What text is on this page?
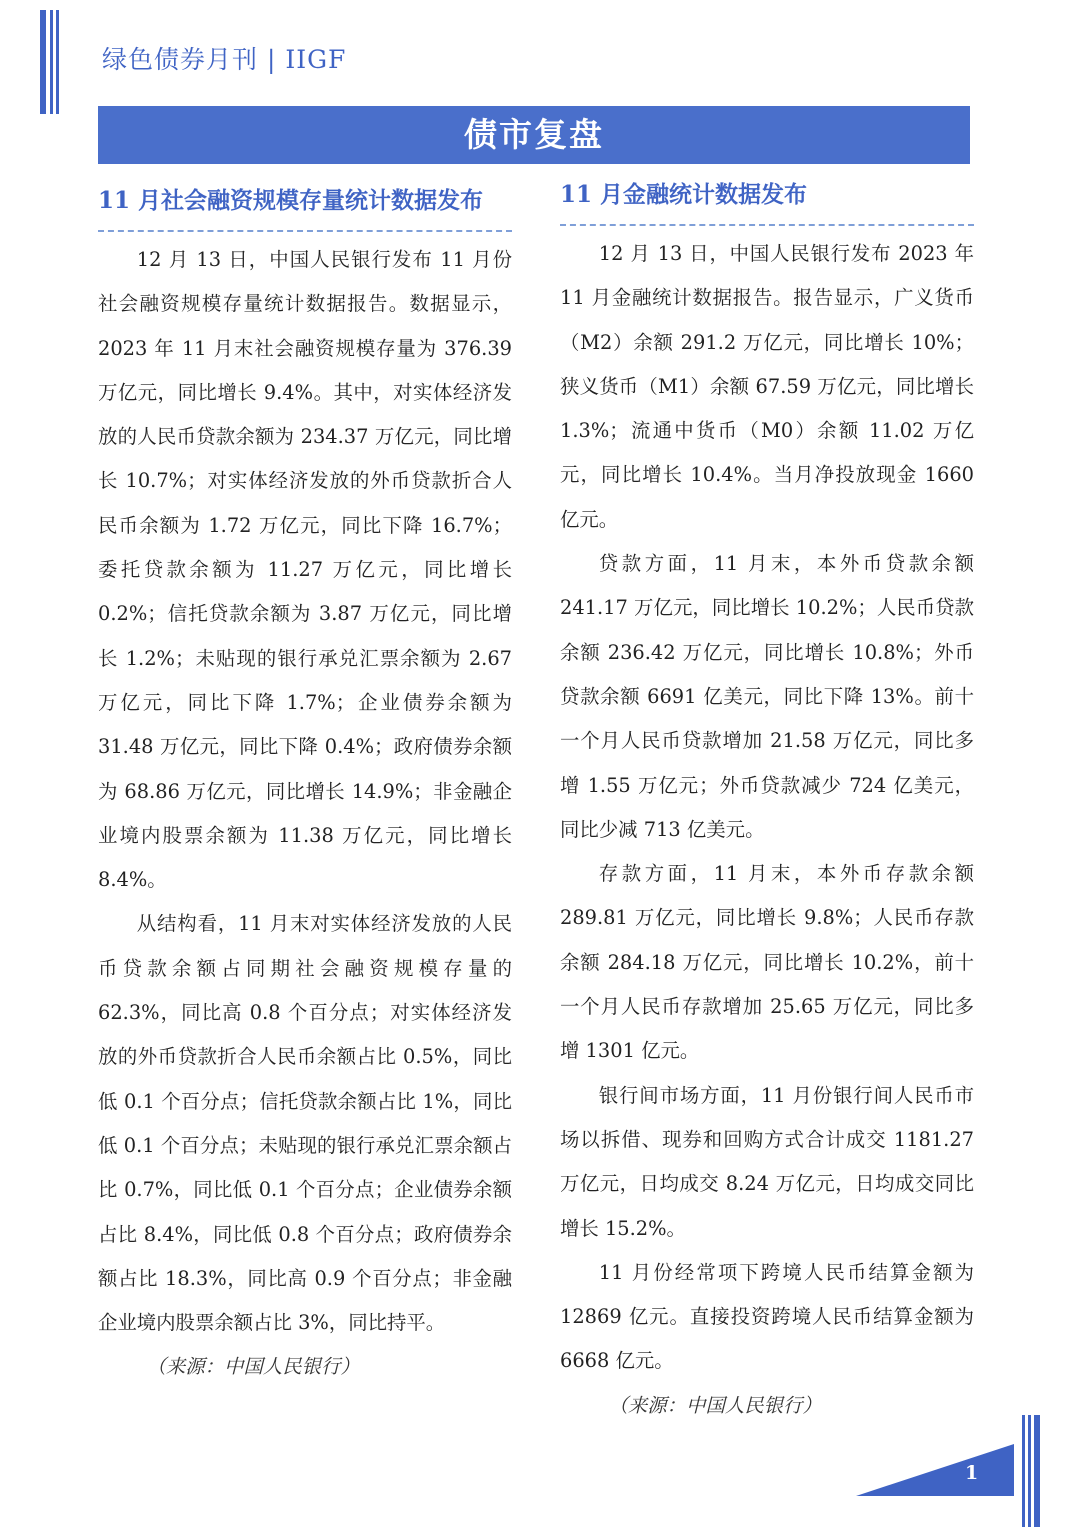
绿色债券月刊 | IIGF
债市复盘
11 月社会融资规模存量统计数据发布

12 月 13 日，中国人民银行发布 11 月份社会融资规模存量统计数据报告。数据显示，2023 年 11 月末社会融资规模存量为 376.39 万亿元，同比增长 9.4%。其中，对实体经济发放的人民币贷款余额为 234.37 万亿元，同比增长 10.7%；对实体经济发放的外币贷款折合人民币余额为 1.72 万亿元，同比下降 16.7%；委托贷款余额为 11.27 万亿元，同比增长 0.2%；信托贷款余额为 3.87 万亿元，同比增长 1.2%；未贴现的银行承兑汇票余额为 2.67 万亿元，同比下降 1.7%；企业债券余额为 31.48 万亿元，同比下降 0.4%；政府债券余额为 68.86 万亿元，同比增长 14.9%；非金融企业境内股票余额为 11.38 万亿元，同比增长 8.4%。

从结构看，11 月末对实体经济发放的人民币贷款余额占同期社会融资规模存量的 62.3%，同比高 0.8 个百分点；对实体经济发放的外币贷款折合人民币余额占比 0.5%，同比低 0.1 个百分点；信托贷款余额占比 1%，同比低 0.1 个百分点；未贴现的银行承兑汇票余额占比 0.7%，同比低 0.1 个百分点；企业债券余额占比 8.4%，同比低 0.8 个百分点；政府债券余额占比 18.3%，同比高 0.9 个百分点；非金融企业境内股票余额占比 3%，同比持平。

（来源：中国人民银行）

11 月金融统计数据发布

12 月 13 日，中国人民银行发布 2023 年 11 月金融统计数据报告。报告显示，广义货币（M2）余额 291.2 万亿元，同比增长 10%；狭义货币（M1）余额 67.59 万亿元，同比增长 1.3%；流通中货币（M0）余额 11.02 万亿元，同比增长 10.4%。当月净投放现金 1660 亿元。

贷款方面，11 月末，本外币贷款余额 241.17 万亿元，同比增长 10.2%；人民币贷款余额 236.42 万亿元，同比增长 10.8%；外币贷款余额 6691 亿美元，同比下降 13%。前十一个月人民币贷款增加 21.58 万亿元，同比多增 1.55 万亿元；外币贷款减少 724 亿美元，同比少减 713 亿美元。

存款方面，11 月末，本外币存款余额 289.81 万亿元，同比增长 9.8%；人民币存款余额 284.18 万亿元，同比增长 10.2%，前十一个月人民币存款增加 25.65 万亿元，同比多增 1301 亿元。

银行间市场方面，11 月份银行间人民币市场以拆借、现券和回购方式合计成交 1181.27 万亿元，日均成交 8.24 万亿元，日均成交同比增长 15.2%。

11 月份经常项下跨境人民币结算金额为 12869 亿元。直接投资跨境人民币结算金额为 6668 亿元。

（来源：中国人民银行）

1
